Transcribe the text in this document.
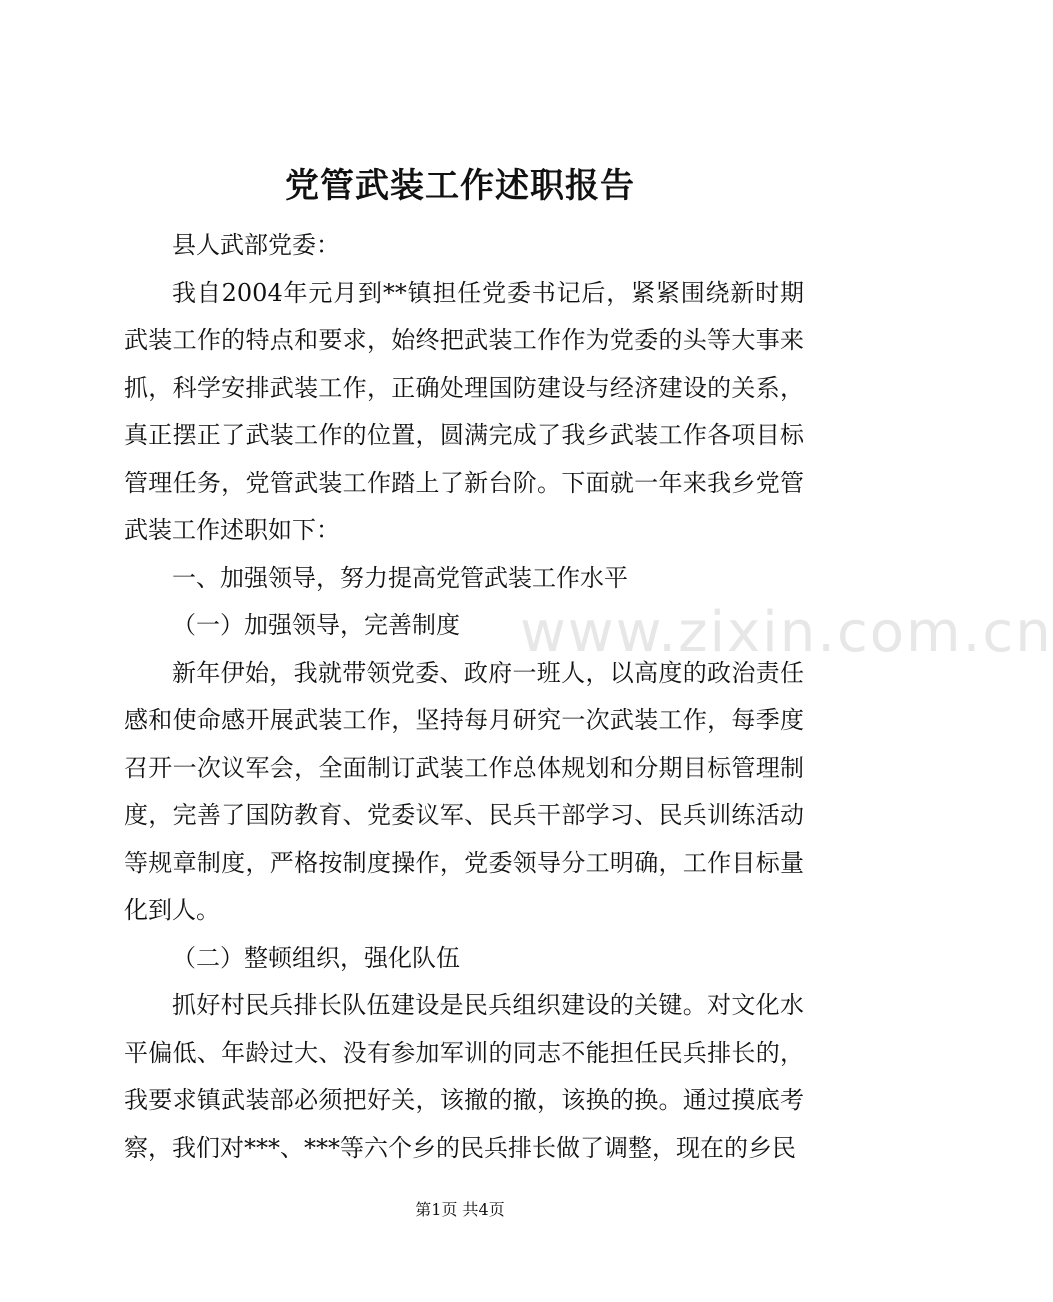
党管武装工作述职报告

县人武部党委：

我自2004年元月到**镇担任党委书记后，紧紧围绕新时期武装工作的特点和要求，始终把武装工作作为党委的头等大事来抓，科学安排武装工作，正确处理国防建设与经济建设的关系，真正摆正了武装工作的位置，圆满完成了我乡武装工作各项目标管理任务，党管武装工作踏上了新台阶。下面就一年来我乡党管武装工作述职如下：

一、加强领导，努力提高党管武装工作水平

（一）加强领导，完善制度

新年伊始，我就带领党委、政府一班人，以高度的政治责任感和使命感开展武装工作，坚持每月研究一次武装工作，每季度召开一次议军会，全面制订武装工作总体规划和分期目标管理制度，完善了国防教育、党委议军、民兵干部学习、民兵训练活动等规章制度，严格按制度操作，党委领导分工明确，工作目标量化到人。

（二）整顿组织，强化队伍

抓好村民兵排长队伍建设是民兵组织建设的关键。对文化水平偏低、年龄过大、没有参加军训的同志不能担任民兵排长的，我要求镇武装部必须把好关，该撤的撤，该换的换。通过摸底考察，我们对***、***等六个乡的民兵排长做了调整，现在的乡民

www.zixin.com.cn
第1页 共4页
